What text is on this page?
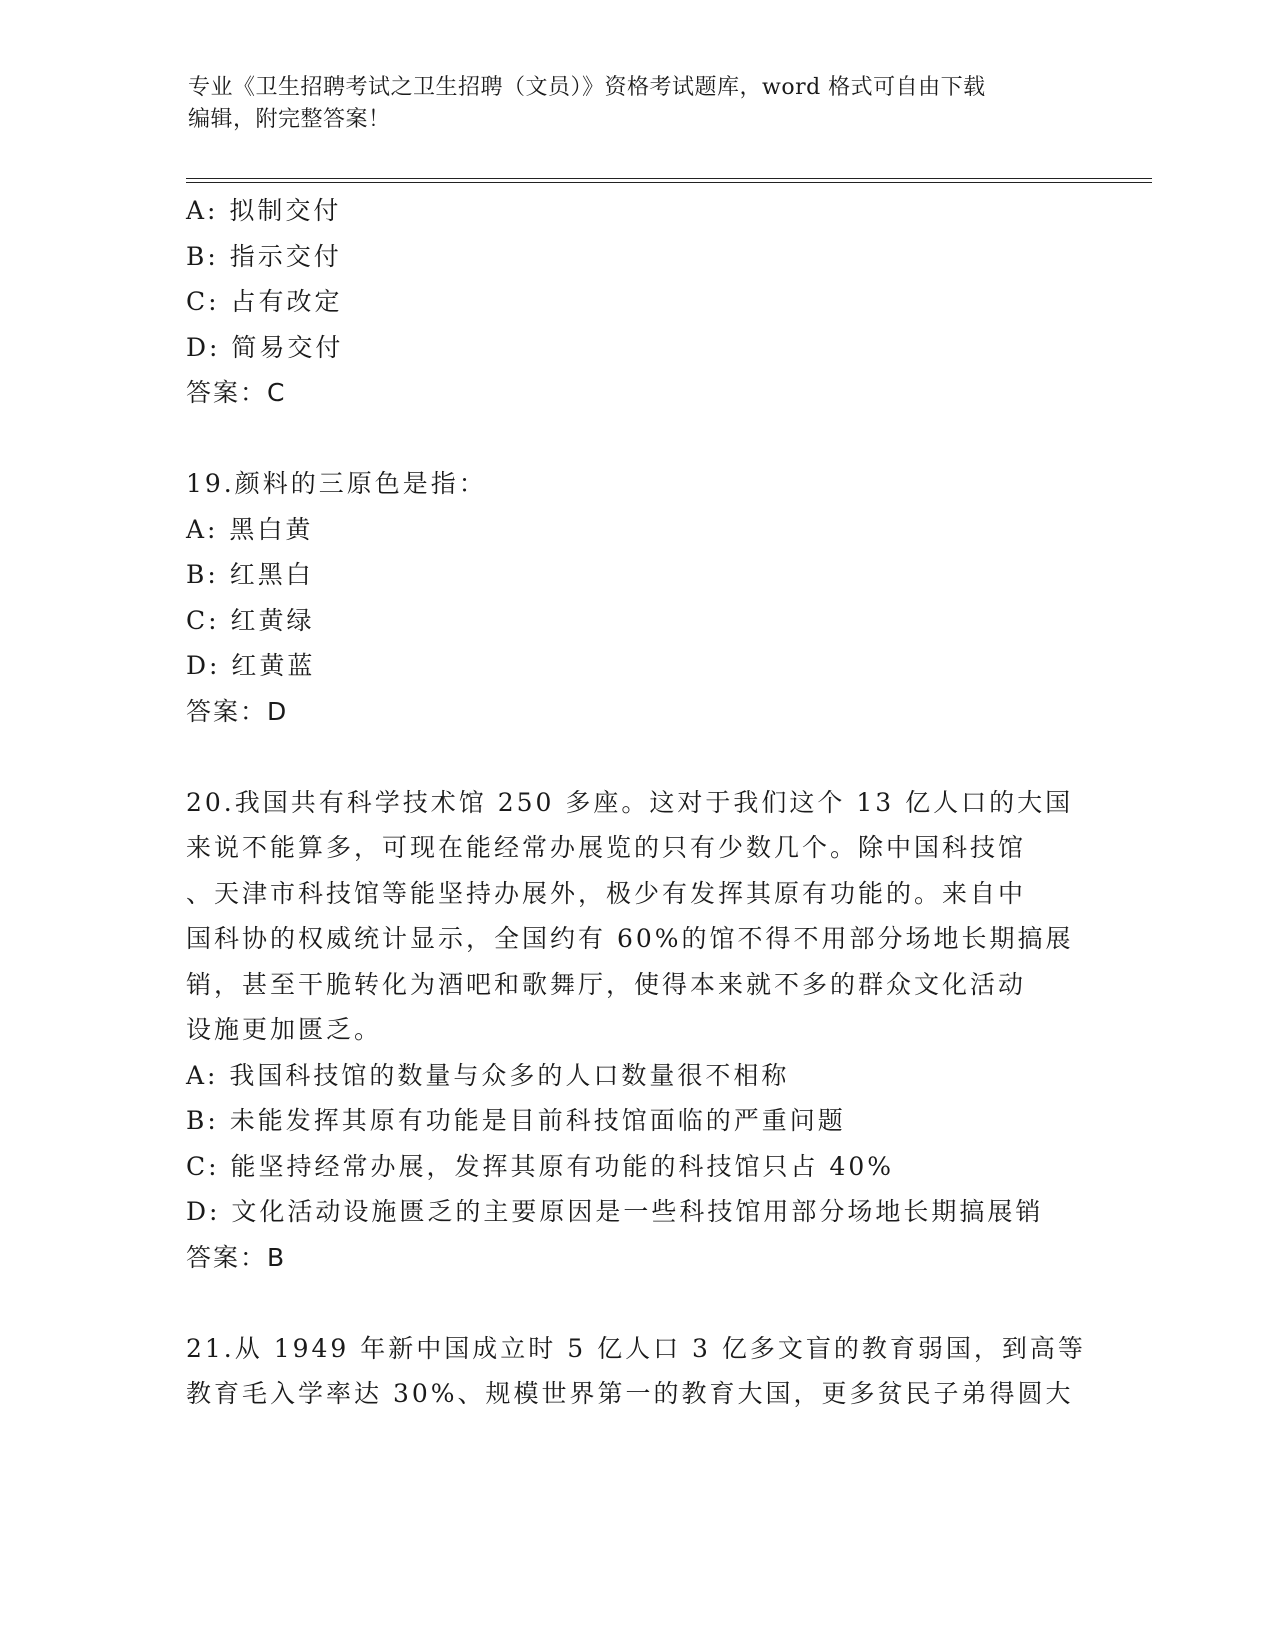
专业《卫生招聘考试之卫生招聘（文员）》资格考试题库，word 格式可自由下载
编辑，附完整答案！
A: 拟制交付
B: 指示交付
C: 占有改定
D: 简易交付
答案：C
19.颜料的三原色是指：
A: 黑白黄
B: 红黑白
C: 红黄绿
D: 红黄蓝
答案：D
20.我国共有科学技术馆 250 多座。这对于我们这个 13 亿人口的大国
来说不能算多，可现在能经常办展览的只有少数几个。除中国科技馆
、天津市科技馆等能坚持办展外，极少有发挥其原有功能的。来自中
国科协的权威统计显示，全国约有 60%的馆不得不用部分场地长期搞展
销，甚至干脆转化为酒吧和歌舞厅，使得本来就不多的群众文化活动
设施更加匮乏。
A: 我国科技馆的数量与众多的人口数量很不相称
B: 未能发挥其原有功能是目前科技馆面临的严重问题
C: 能坚持经常办展，发挥其原有功能的科技馆只占 40%
D: 文化活动设施匮乏的主要原因是一些科技馆用部分场地长期搞展销
答案：B
21.从 1949 年新中国成立时 5 亿人口 3 亿多文盲的教育弱国，到高等
教育毛入学率达 30%、规模世界第一的教育大国，更多贫民子弟得圆大
